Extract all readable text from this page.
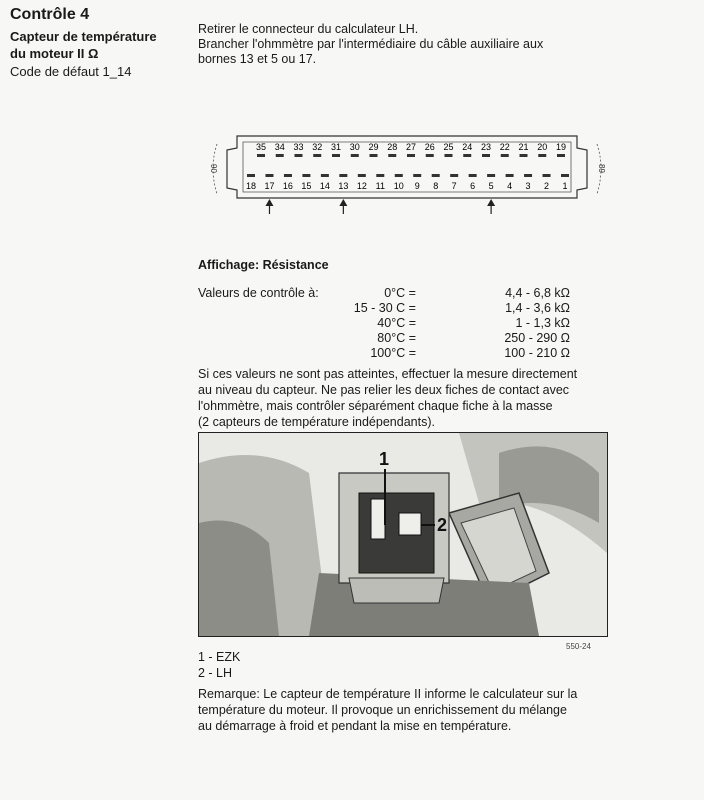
Contrôle 4
Capteur de température
du moteur II Ω
Code de défaut 1_14
Retirer le connecteur du calculateur LH.
Brancher l'ohmmètre par l'intermédiaire du câble auxiliaire aux
bornes 13 et 5 ou 17.
35 34 33 32 31 30 29 28 27 26 25 24 23 22 21 20 19
18 17 16 15 14 13 12 11 10 9 8 7 6 5 4 3 2 1
90	89
Affichage: Résistance
Valeurs de contrôle à:	0°C =	4,4 - 6,8 kΩ
15 - 30 C =	1,4 - 3,6 kΩ
40°C =	1 - 1,3 kΩ
80°C =	250 - 290 Ω
100°C =	100 - 210 Ω
Si ces valeurs ne sont pas atteintes, effectuer la mesure directement
au niveau du capteur. Ne pas relier les deux fiches de contact avec
l'ohmmètre, mais contrôler séparément chaque fiche à la masse
(2 capteurs de température indépendants).
1
2
550-24
1 - EZK
2 - LH
Remarque: Le capteur de température II informe le calculateur sur la
température du moteur. Il provoque un enrichissement du mélange
au démarrage à froid et pendant la mise en température.
